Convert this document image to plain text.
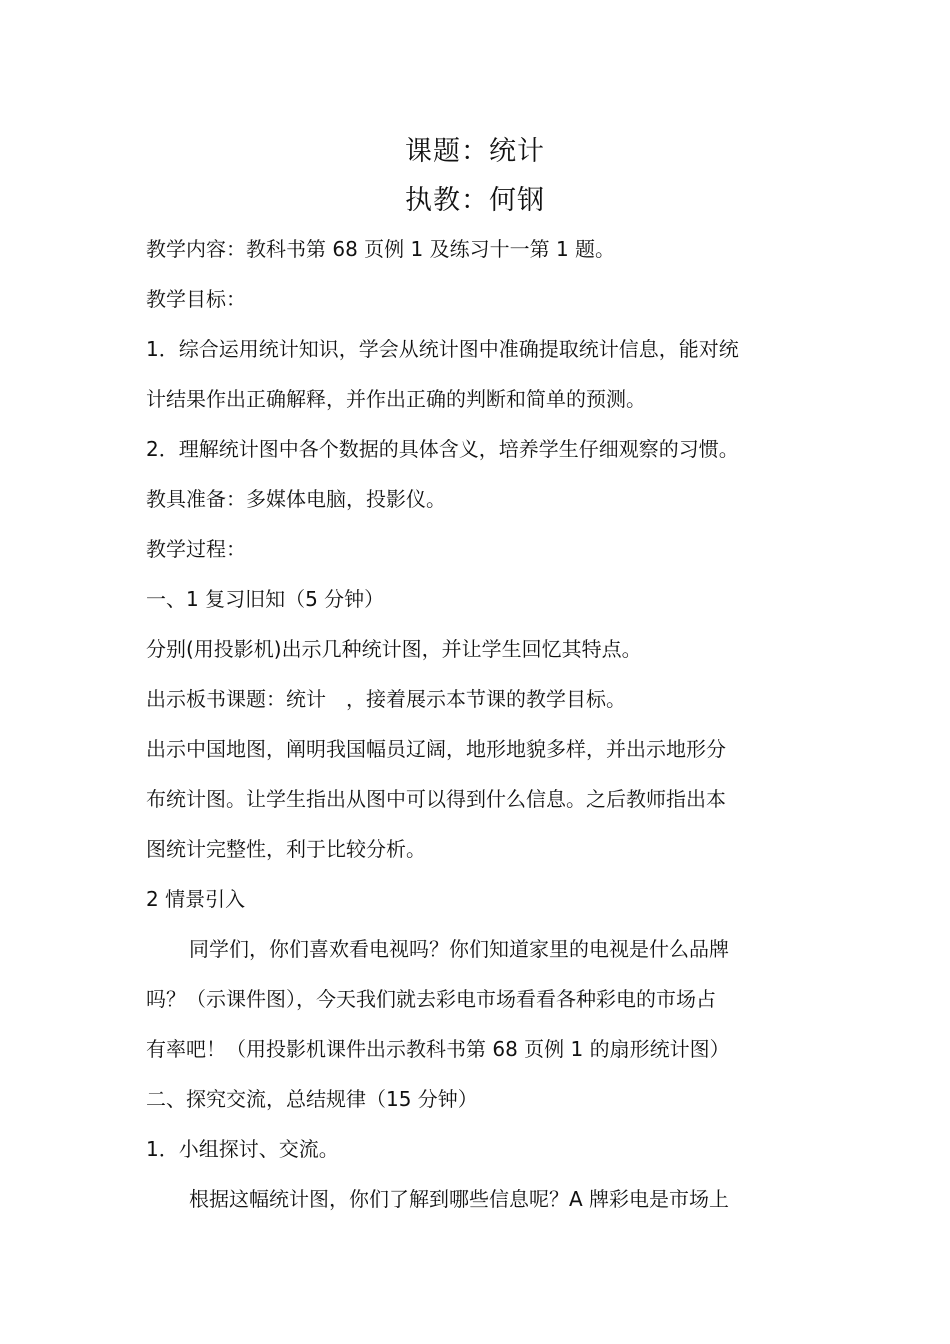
课题：统计
执教：何钢
教学内容：教科书第 68 页例 1 及练习十一第 1 题。
教学目标：
1．综合运用统计知识，学会从统计图中准确提取统计信息，能对统
计结果作出正确解释，并作出正确的判断和简单的预测。
2．理解统计图中各个数据的具体含义，培养学生仔细观察的习惯。
教具准备：多媒体电脑，投影仪。
教学过程：
一、1 复习旧知（5 分钟）
分别(用投影机)出示几种统计图，并让学生回忆其特点。
出示板书课题：统计　，接着展示本节课的教学目标。
出示中国地图，阐明我国幅员辽阔，地形地貌多样，并出示地形分
布统计图。让学生指出从图中可以得到什么信息。之后教师指出本
图统计完整性，利于比较分析。
2 情景引入
同学们，你们喜欢看电视吗？你们知道家里的电视是什么品牌
吗？（示课件图），今天我们就去彩电市场看看各种彩电的市场占
有率吧！（用投影机课件出示教科书第 68 页例 1 的扇形统计图）
二、探究交流，总结规律（15 分钟）
1．小组探讨、交流。
根据这幅统计图，你们了解到哪些信息呢？A 牌彩电是市场上
